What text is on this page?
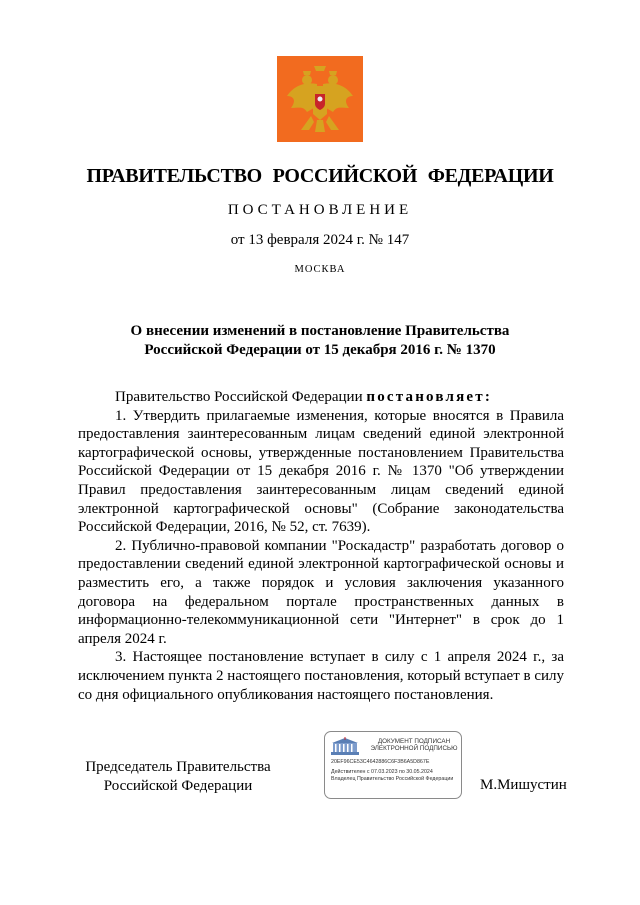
ПРАВИТЕЛЬСТВО РОССИЙСКОЙ ФЕДЕРАЦИИ
ПОСТАНОВЛЕНИЕ
от 13 февраля 2024 г. № 147
МОСКВА
О внесении изменений в постановление Правительства
Российской Федерации от 15 декабря 2016 г. № 1370

Правительство Российской Федерации постановляет:

1. Утвердить прилагаемые изменения, которые вносятся в Правила предоставления заинтересованным лицам сведений единой электронной картографической основы, утвержденные постановлением Правительства Российской Федерации от 15 декабря 2016 г. № 1370 "Об утверждении Правил предоставления заинтересованным лицам сведений единой электронной картографической основы" (Собрание законодательства Российской Федерации, 2016, № 52, ст. 7639).

2. Публично-правовой компании "Роскадастр" разработать договор о предоставлении сведений единой электронной картографической основы и разместить его, а также порядок и условия заключения указанного договора на федеральном портале пространственных данных в информационно-телекоммуникационной сети "Интернет" в срок до 1 апреля 2024 г.

3. Настоящее постановление вступает в силу с 1 апреля 2024 г., за исключением пункта 2 настоящего постановления, который вступает в силу со дня официального опубликования настоящего постановления.

Председатель Правительства
Российской Федерации
ДОКУМЕНТ ПОДПИСАН
ЭЛЕКТРОННОЙ ПОДПИСЬЮ
20EF96CE53C4642886C6F3B6A5D867E
Действителен с 07.03.2023 по 30.05.2024
Владелец Правительство Российской Федерации	М.Мишустин
